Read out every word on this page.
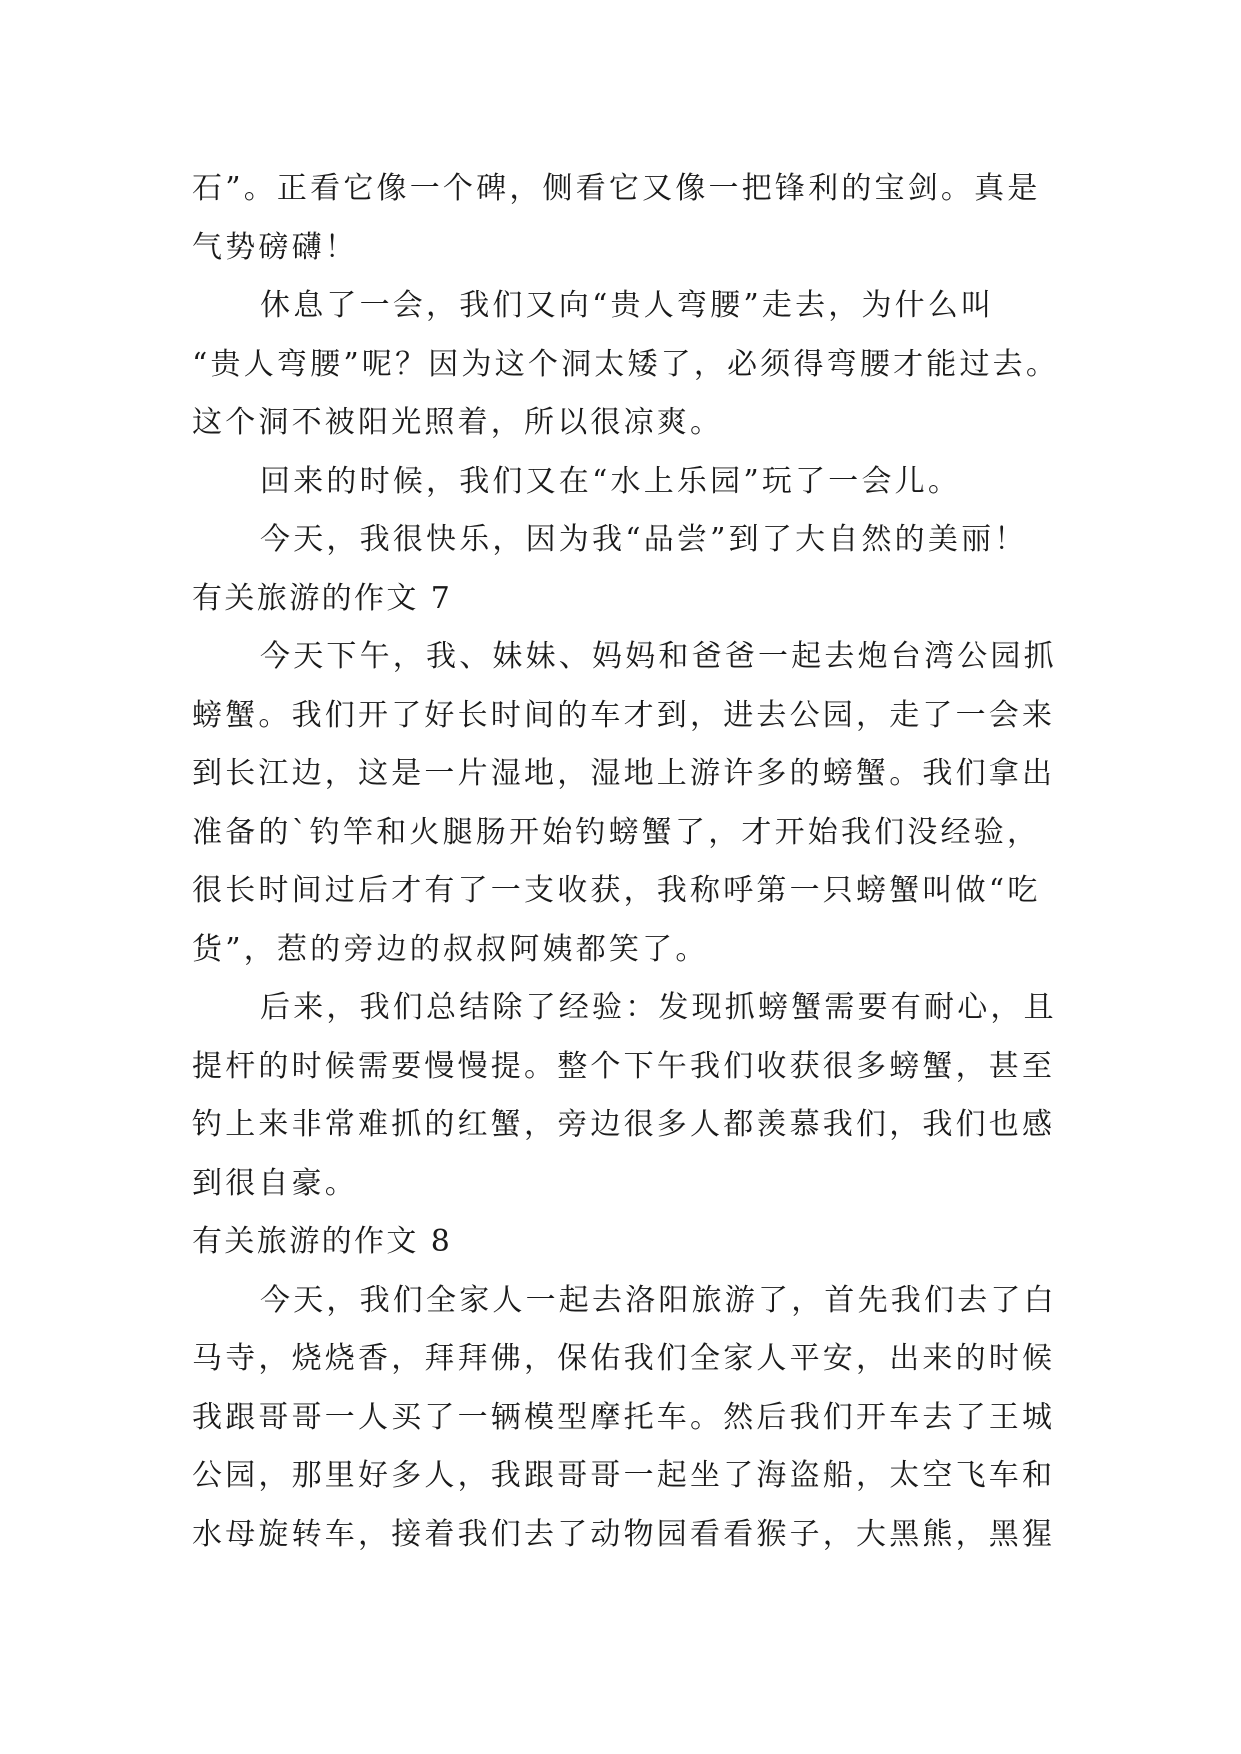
石”。正看它像一个碑，侧看它又像一把锋利的宝剑。真是
气势磅礴！
休息了一会，我们又向“贵人弯腰”走去，为什么叫
“贵人弯腰”呢？因为这个洞太矮了，必须得弯腰才能过去。
这个洞不被阳光照着，所以很凉爽。
回来的时候，我们又在“水上乐园”玩了一会儿。
今天，我很快乐，因为我“品尝”到了大自然的美丽！
有关旅游的作文 7
今天下午，我、妹妹、妈妈和爸爸一起去炮台湾公园抓
螃蟹。我们开了好长时间的车才到，进去公园，走了一会来
到长江边，这是一片湿地，湿地上游许多的螃蟹。我们拿出
准备的`钓竿和火腿肠开始钓螃蟹了，才开始我们没经验，
很长时间过后才有了一支收获，我称呼第一只螃蟹叫做“吃
货”，惹的旁边的叔叔阿姨都笑了。
后来，我们总结除了经验：发现抓螃蟹需要有耐心，且
提杆的时候需要慢慢提。整个下午我们收获很多螃蟹，甚至
钓上来非常难抓的红蟹，旁边很多人都羡慕我们，我们也感
到很自豪。
有关旅游的作文 8
今天，我们全家人一起去洛阳旅游了，首先我们去了白
马寺，烧烧香，拜拜佛，保佑我们全家人平安，出来的时候
我跟哥哥一人买了一辆模型摩托车。然后我们开车去了王城
公园，那里好多人，我跟哥哥一起坐了海盗船，太空飞车和
水母旋转车，接着我们去了动物园看看猴子，大黑熊，黑猩
